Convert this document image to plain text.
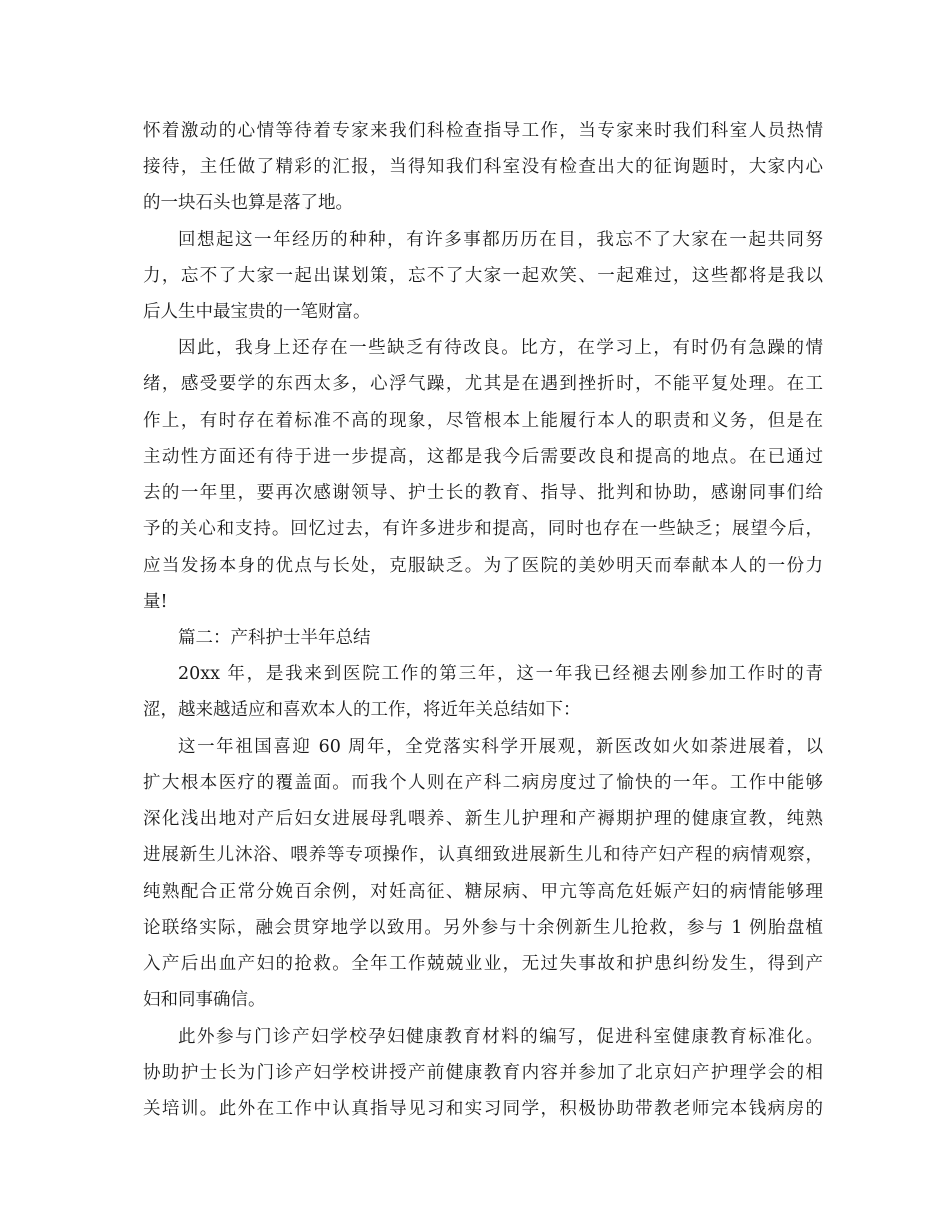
怀着激动的心情等待着专家来我们科检查指导工作，当专家来时我们科室人员热情
接待，主任做了精彩的汇报，当得知我们科室没有检查出大的征询题时，大家内心
的一块石头也算是落了地。
回想起这一年经历的种种，有许多事都历历在目，我忘不了大家在一起共同努
力，忘不了大家一起出谋划策，忘不了大家一起欢笑、一起难过，这些都将是我以
后人生中最宝贵的一笔财富。
因此，我身上还存在一些缺乏有待改良。比方，在学习上，有时仍有急躁的情
绪，感受要学的东西太多，心浮气躁，尤其是在遇到挫折时，不能平复处理。在工
作上，有时存在着标准不高的现象，尽管根本上能履行本人的职责和义务，但是在
主动性方面还有待于进一步提高，这都是我今后需要改良和提高的地点。在已通过
去的一年里，要再次感谢领导、护士长的教育、指导、批判和协助，感谢同事们给
予的关心和支持。回忆过去，有许多进步和提高，同时也存在一些缺乏；展望今后，
应当发扬本身的优点与长处，克服缺乏。为了医院的美妙明天而奉献本人的一份力
量!
篇二：产科护士半年总结
20xx 年，是我来到医院工作的第三年，这一年我已经褪去刚参加工作时的青
涩，越来越适应和喜欢本人的工作，将近年关总结如下：
这一年祖国喜迎 60 周年，全党落实科学开展观，新医改如火如荼进展着，以
扩大根本医疗的覆盖面。而我个人则在产科二病房度过了愉快的一年。工作中能够
深化浅出地对产后妇女进展母乳喂养、新生儿护理和产褥期护理的健康宣教，纯熟
进展新生儿沐浴、喂养等专项操作，认真细致进展新生儿和待产妇产程的病情观察，
纯熟配合正常分娩百余例，对妊高征、糖尿病、甲亢等高危妊娠产妇的病情能够理
论联络实际，融会贯穿地学以致用。另外参与十余例新生儿抢救，参与 1 例胎盘植
入产后出血产妇的抢救。全年工作兢兢业业，无过失事故和护患纠纷发生，得到产
妇和同事确信。
此外参与门诊产妇学校孕妇健康教育材料的编写，促进科室健康教育标准化。
协助护士长为门诊产妇学校讲授产前健康教育内容并参加了北京妇产护理学会的相
关培训。此外在工作中认真指导见习和实习同学，积极协助带教老师完本钱病房的
